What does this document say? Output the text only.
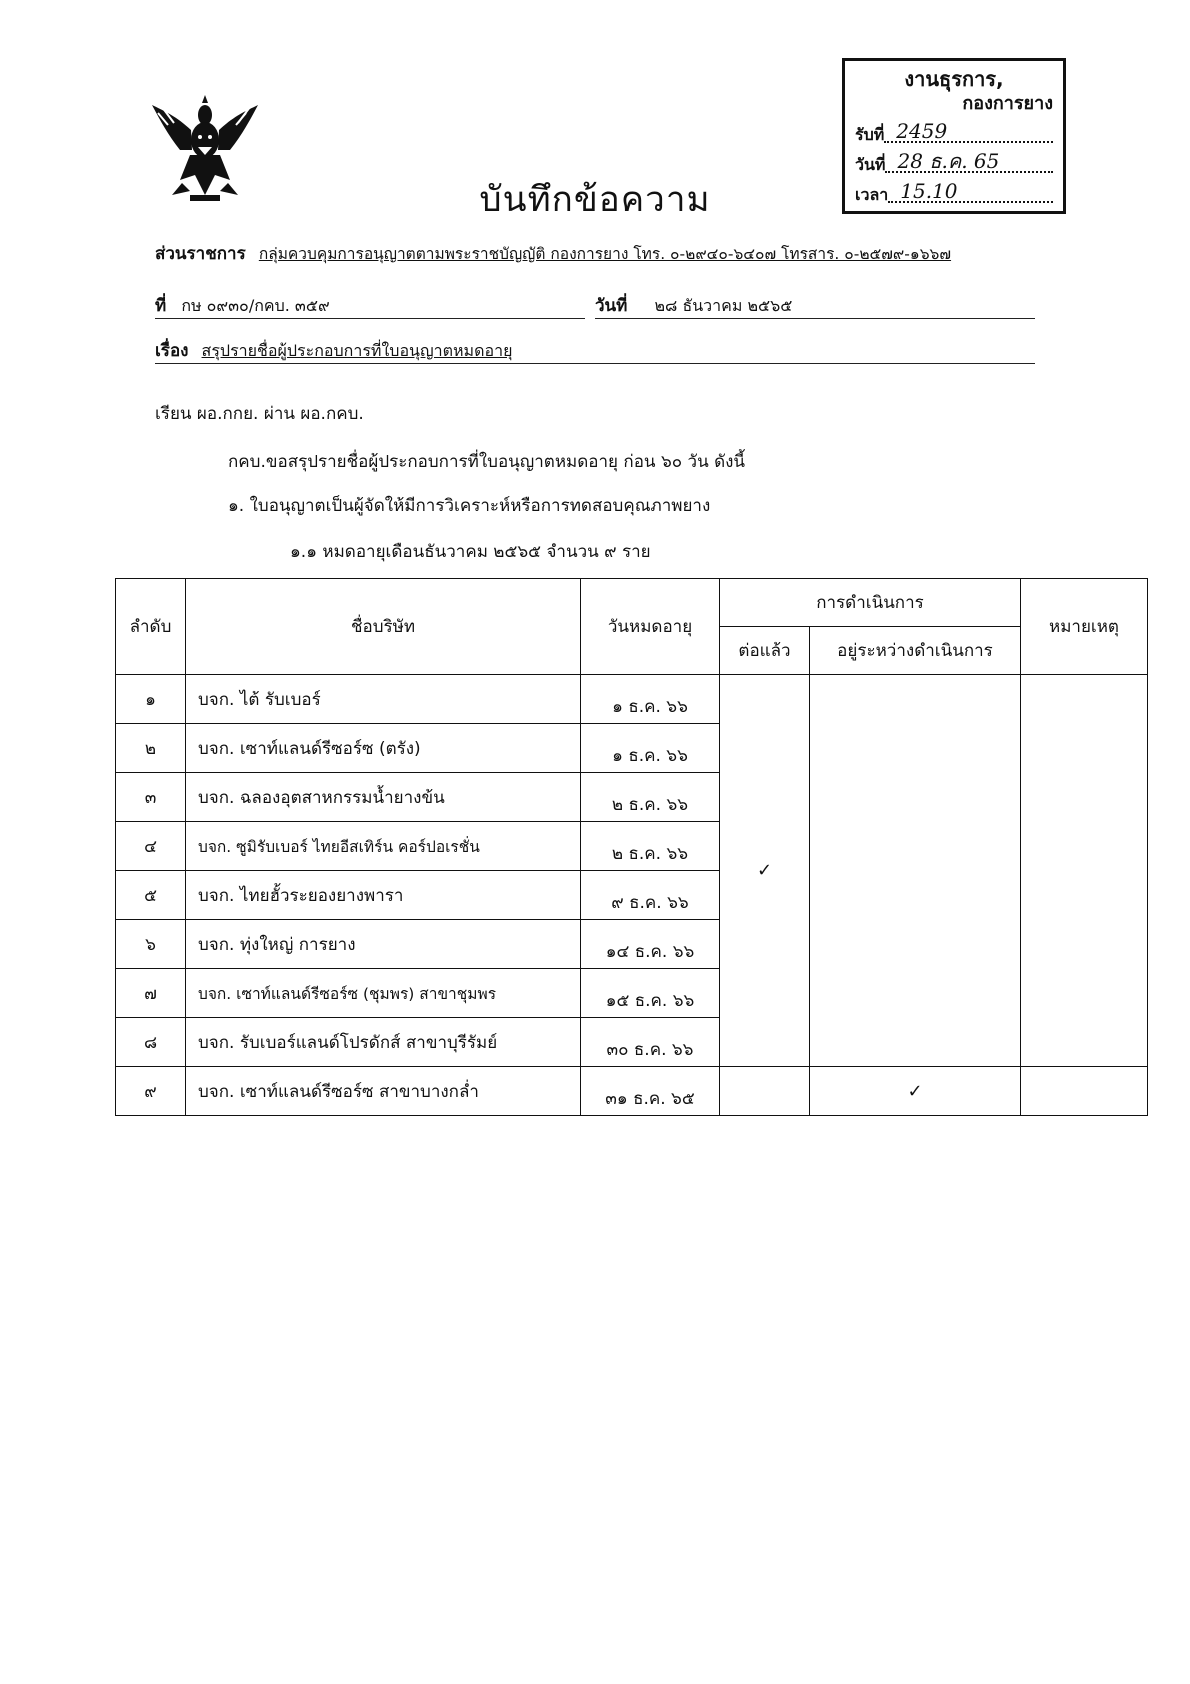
งานธุรการ,
กองการยาง
รับที่ 2459
วันที่ 28 ธ.ค. 65
เวลา 15.10
บันทึกข้อความ
ส่วนราชการ กลุ่มควบคุมการอนุญาตตามพระราชบัญญัติ กองการยาง โทร. ๐-๒๙๔๐-๖๔๐๗ โทรสาร. ๐-๒๕๗๙-๑๖๖๗
ที่ กษ ๐๙๓๐/กคบ. ๓๕๙	วันที่ ๒๘ ธันวาคม ๒๕๖๕
เรื่อง สรุปรายชื่อผู้ประกอบการที่ใบอนุญาตหมดอายุ
เรียน ผอ.กกย. ผ่าน ผอ.กคบ.
กคบ.ขอสรุปรายชื่อผู้ประกอบการที่ใบอนุญาตหมดอายุ ก่อน ๖๐ วัน ดังนี้
๑. ใบอนุญาตเป็นผู้จัดให้มีการวิเคราะห์หรือการทดสอบคุณภาพยาง
๑.๑ หมดอายุเดือนธันวาคม ๒๕๖๕ จำนวน ๙ ราย
ลำดับ	ชื่อบริษัท	วันหมดอายุ	การดำเนินการ		หมายเหตุ
			ต่อแล้ว	อยู่ระหว่างดำเนินการ	
๑	บจก. ไต้ รับเบอร์	๑ ธ.ค. ๖๖	✓		
๒	บจก. เซาท์แลนด์รีซอร์ซ (ตรัง)	๑ ธ.ค. ๖๖			
๓	บจก. ฉลองอุตสาหกรรมน้ำยางข้น	๒ ธ.ค. ๖๖			
๔	บจก. ซูมิรับเบอร์ ไทยอีสเทิร์น คอร์ปอเรชั่น	๒ ธ.ค. ๖๖			
๕	บจก. ไทยฮั้วระยองยางพารา	๙ ธ.ค. ๖๖			
๖	บจก. ทุ่งใหญ่ การยาง	๑๔ ธ.ค. ๖๖			
๗	บจก. เซาท์แลนด์รีซอร์ซ (ชุมพร) สาขาชุมพร	๑๕ ธ.ค. ๖๖			
๘	บจก. รับเบอร์แลนด์โปรดักส์ สาขาบุรีรัมย์	๓๐ ธ.ค. ๖๖			
๙	บจก. เซาท์แลนด์รีซอร์ซ สาขาบางกล่ำ	๓๑ ธ.ค. ๖๕		✓	
